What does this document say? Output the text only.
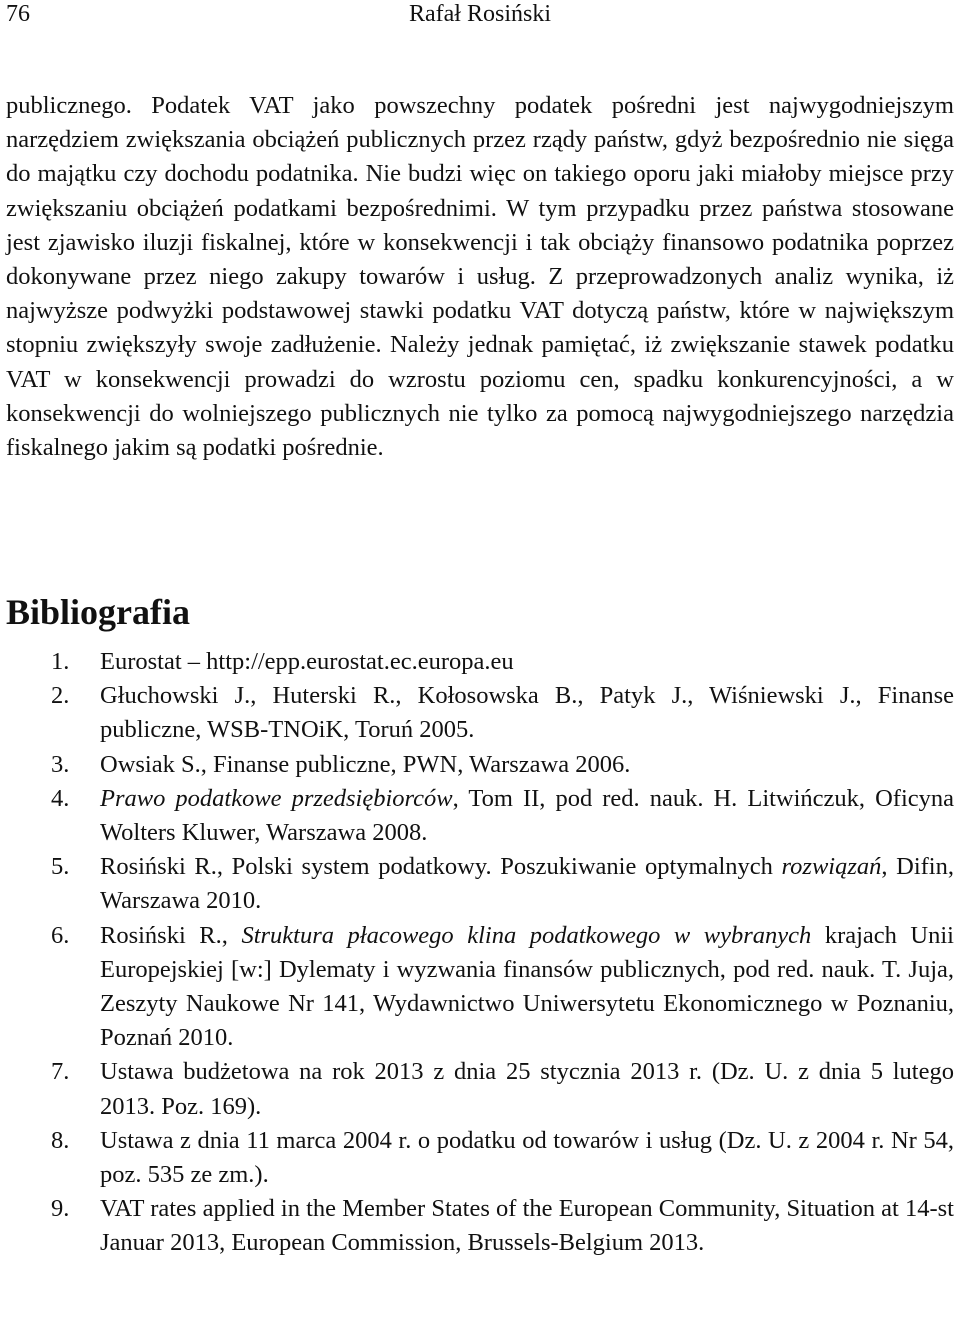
76	Rafał Rosiński

publicznego. Podatek VAT jako powszechny podatek pośredni jest najwygodniejszym narzędziem zwiększania obciążeń publicznych przez rządy państw, gdyż bezpośrednio nie sięga do majątku czy dochodu podatnika. Nie budzi więc on takiego oporu jaki miałoby miejsce przy zwiększaniu obciążeń podatkami bezpośrednimi. W tym przypadku przez państwa stosowane jest zjawisko iluzji fiskalnej, które w konsekwencji i tak obciąży finansowo podatnika poprzez dokonywane przez niego zakupy towarów i usług. Z przeprowadzonych analiz wynika, iż najwyższe podwyżki podstawowej stawki podatku VAT dotyczą państw, które w największym stopniu zwiększyły swoje zadłużenie. Należy jednak pamiętać, iż zwiększanie stawek podatku VAT w konsekwencji prowadzi do wzrostu poziomu cen, spadku konkurencyjności, a w konsekwencji do wolniejszego publicznych nie tylko za pomocą najwygodniejszego narzędzia fiskalnego jakim są podatki pośrednie.

Bibliografia
1. Eurostat – http://epp.eurostat.ec.europa.eu
2. Głuchowski J., Huterski R., Kołosowska B., Patyk J., Wiśniewski J., Finanse publiczne, WSB-TNOiK, Toruń 2005.
3. Owsiak S., Finanse publiczne, PWN, Warszawa 2006.
4. Prawo podatkowe przedsiębiorców, Tom II, pod red. nauk. H. Litwińczuk, Oficyna Wolters Kluwer, Warszawa 2008.
5. Rosiński R., Polski system podatkowy. Poszukiwanie optymalnych rozwiązań, Difin, Warszawa 2010.
6. Rosiński R., Struktura płacowego klina podatkowego w wybranych krajach Unii Europejskiej [w:] Dylematy i wyzwania finansów publicznych, pod red. nauk. T. Juja, Zeszyty Naukowe Nr 141, Wydawnictwo Uniwersytetu Ekonomicznego w Poznaniu, Poznań 2010.
7. Ustawa budżetowa na rok 2013 z dnia 25 stycznia 2013 r. (Dz. U. z dnia 5 lutego 2013. Poz. 169).
8. Ustawa z dnia 11 marca 2004 r. o podatku od towarów i usług (Dz. U. z 2004 r. Nr 54, poz. 535 ze zm.).
9. VAT rates applied in the Member States of the European Community, Situation at 14-st Januar 2013, European Commission, Brussels-Belgium 2013.
